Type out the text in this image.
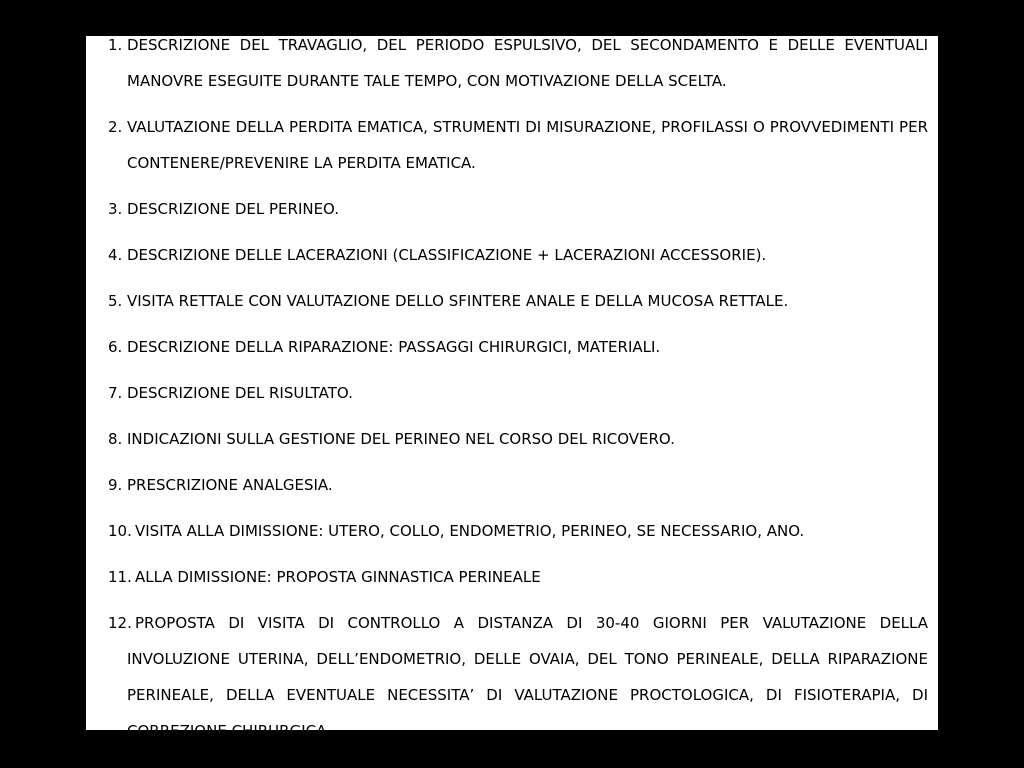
1. DESCRIZIONE DEL TRAVAGLIO, DEL PERIODO ESPULSIVO, DEL SECONDAMENTO E DELLE EVENTUALI MANOVRE ESEGUITE DURANTE TALE TEMPO, CON MOTIVAZIONE DELLA SCELTA.
2. VALUTAZIONE DELLA PERDITA EMATICA, STRUMENTI DI MISURAZIONE, PROFILASSI O PROVVEDIMENTI PER CONTENERE/PREVENIRE LA PERDITA EMATICA.
3. DESCRIZIONE DEL PERINEO.
4. DESCRIZIONE DELLE LACERAZIONI (CLASSIFICAZIONE + LACERAZIONI ACCESSORIE).
5. VISITA RETTALE CON VALUTAZIONE DELLO SFINTERE ANALE E DELLA MUCOSA RETTALE.
6. DESCRIZIONE DELLA RIPARAZIONE: PASSAGGI CHIRURGICI, MATERIALI.
7. DESCRIZIONE DEL RISULTATO.
8. INDICAZIONI SULLA GESTIONE DEL PERINEO NEL CORSO DEL RICOVERO.
9. PRESCRIZIONE ANALGESIA.
10. VISITA ALLA DIMISSIONE: UTERO, COLLO, ENDOMETRIO, PERINEO, SE NECESSARIO, ANO.
11. ALLA DIMISSIONE: PROPOSTA GINNASTICA PERINEALE
12. PROPOSTA DI VISITA DI CONTROLLO A DISTANZA DI 30-40 GIORNI PER VALUTAZIONE DELLA INVOLUZIONE UTERINA, DELL’ENDOMETRIO, DELLE OVAIA, DEL TONO PERINEALE, DELLA RIPARAZIONE PERINEALE, DELLA EVENTUALE NECESSITA’ DI VALUTAZIONE PROCTOLOGICA, DI FISIOTERAPIA, DI CORREZIONE CHIRURGICA.
